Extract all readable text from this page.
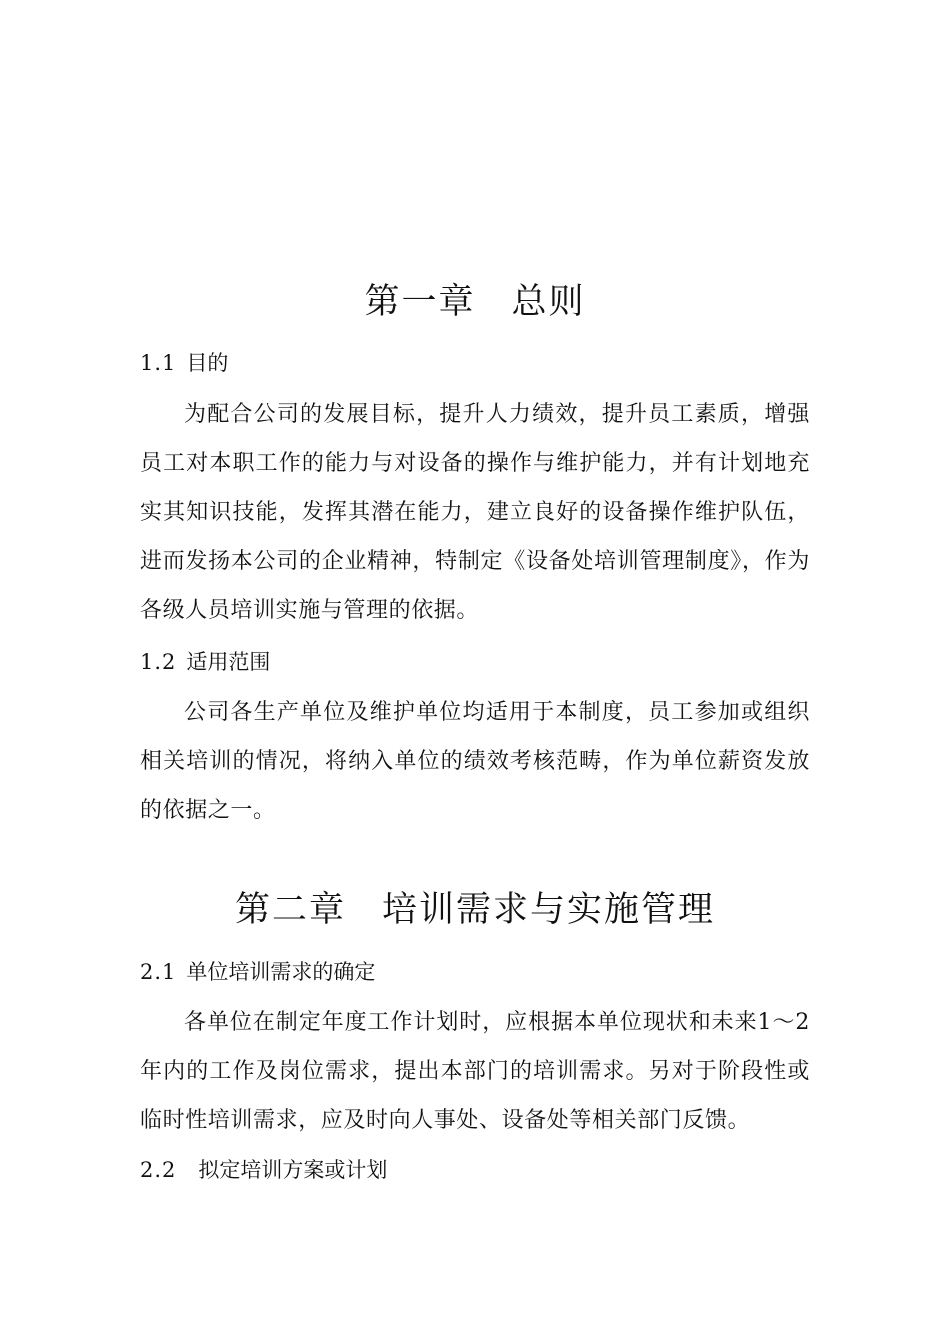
第一章 总则
1.1 目的
为配合公司的发展目标，提升人力绩效，提升员工素质，增强员工对本职工作的能力与对设备的操作与维护能力，并有计划地充实其知识技能，发挥其潜在能力，建立良好的设备操作维护队伍，进而发扬本公司的企业精神，特制定《设备处培训管理制度》，作为各级人员培训实施与管理的依据。
1.2 适用范围
公司各生产单位及维护单位均适用于本制度，员工参加或组织相关培训的情况，将纳入单位的绩效考核范畴，作为单位薪资发放的依据之一。
第二章 培训需求与实施管理
2.1 单位培训需求的确定
各单位在制定年度工作计划时，应根据本单位现状和未来1～2年内的工作及岗位需求，提出本部门的培训需求。另对于阶段性或临时性培训需求，应及时向人事处、设备处等相关部门反馈。
2.2 拟定培训方案或计划
